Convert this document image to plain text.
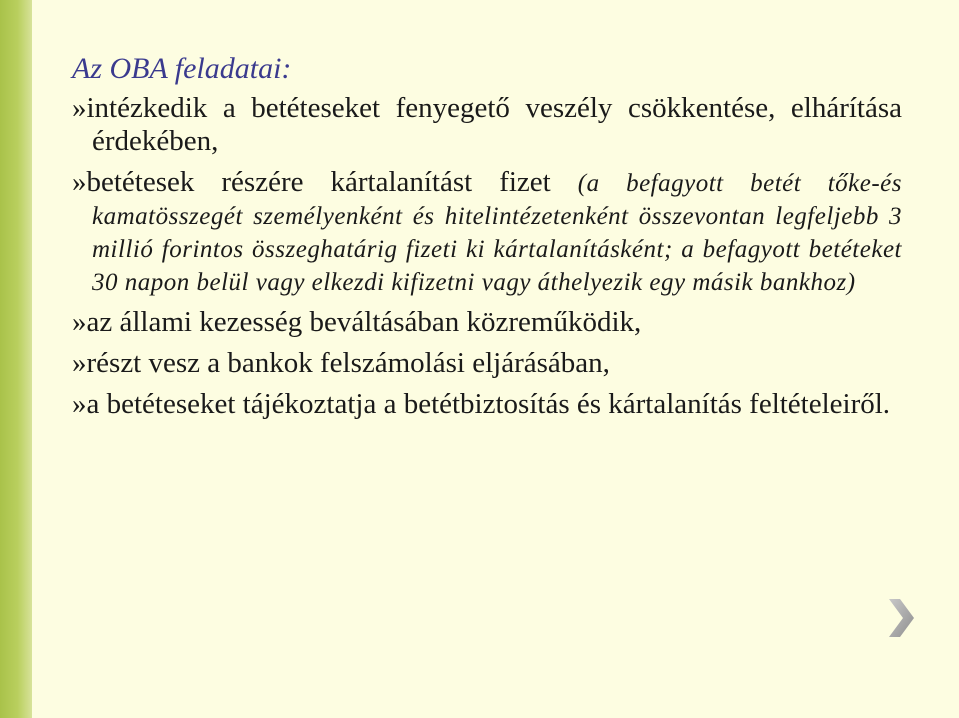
Az OBA feladatai:
»intézkedik a betéteseket fenyegető veszély csökkentése, elhárítása érdekében,
»betétesek részére kártalanítást fizet (a befagyott betét tőke-és kamatösszegét személyenként és hitelintézetenként összevontan legfeljebb 3 millió forintos összeghatárig fizeti ki kártalanításként; a befagyott betéteket 30 napon belül vagy elkezdi kifizetni vagy áthelyezik egy másik bankhoz)
»az állami kezesség beváltásában közreműködik,
»részt vesz a bankok felszámolási eljárásában,
»a betéteseket tájékoztatja a betétbiztosítás és kártalanítás feltételeiről.
